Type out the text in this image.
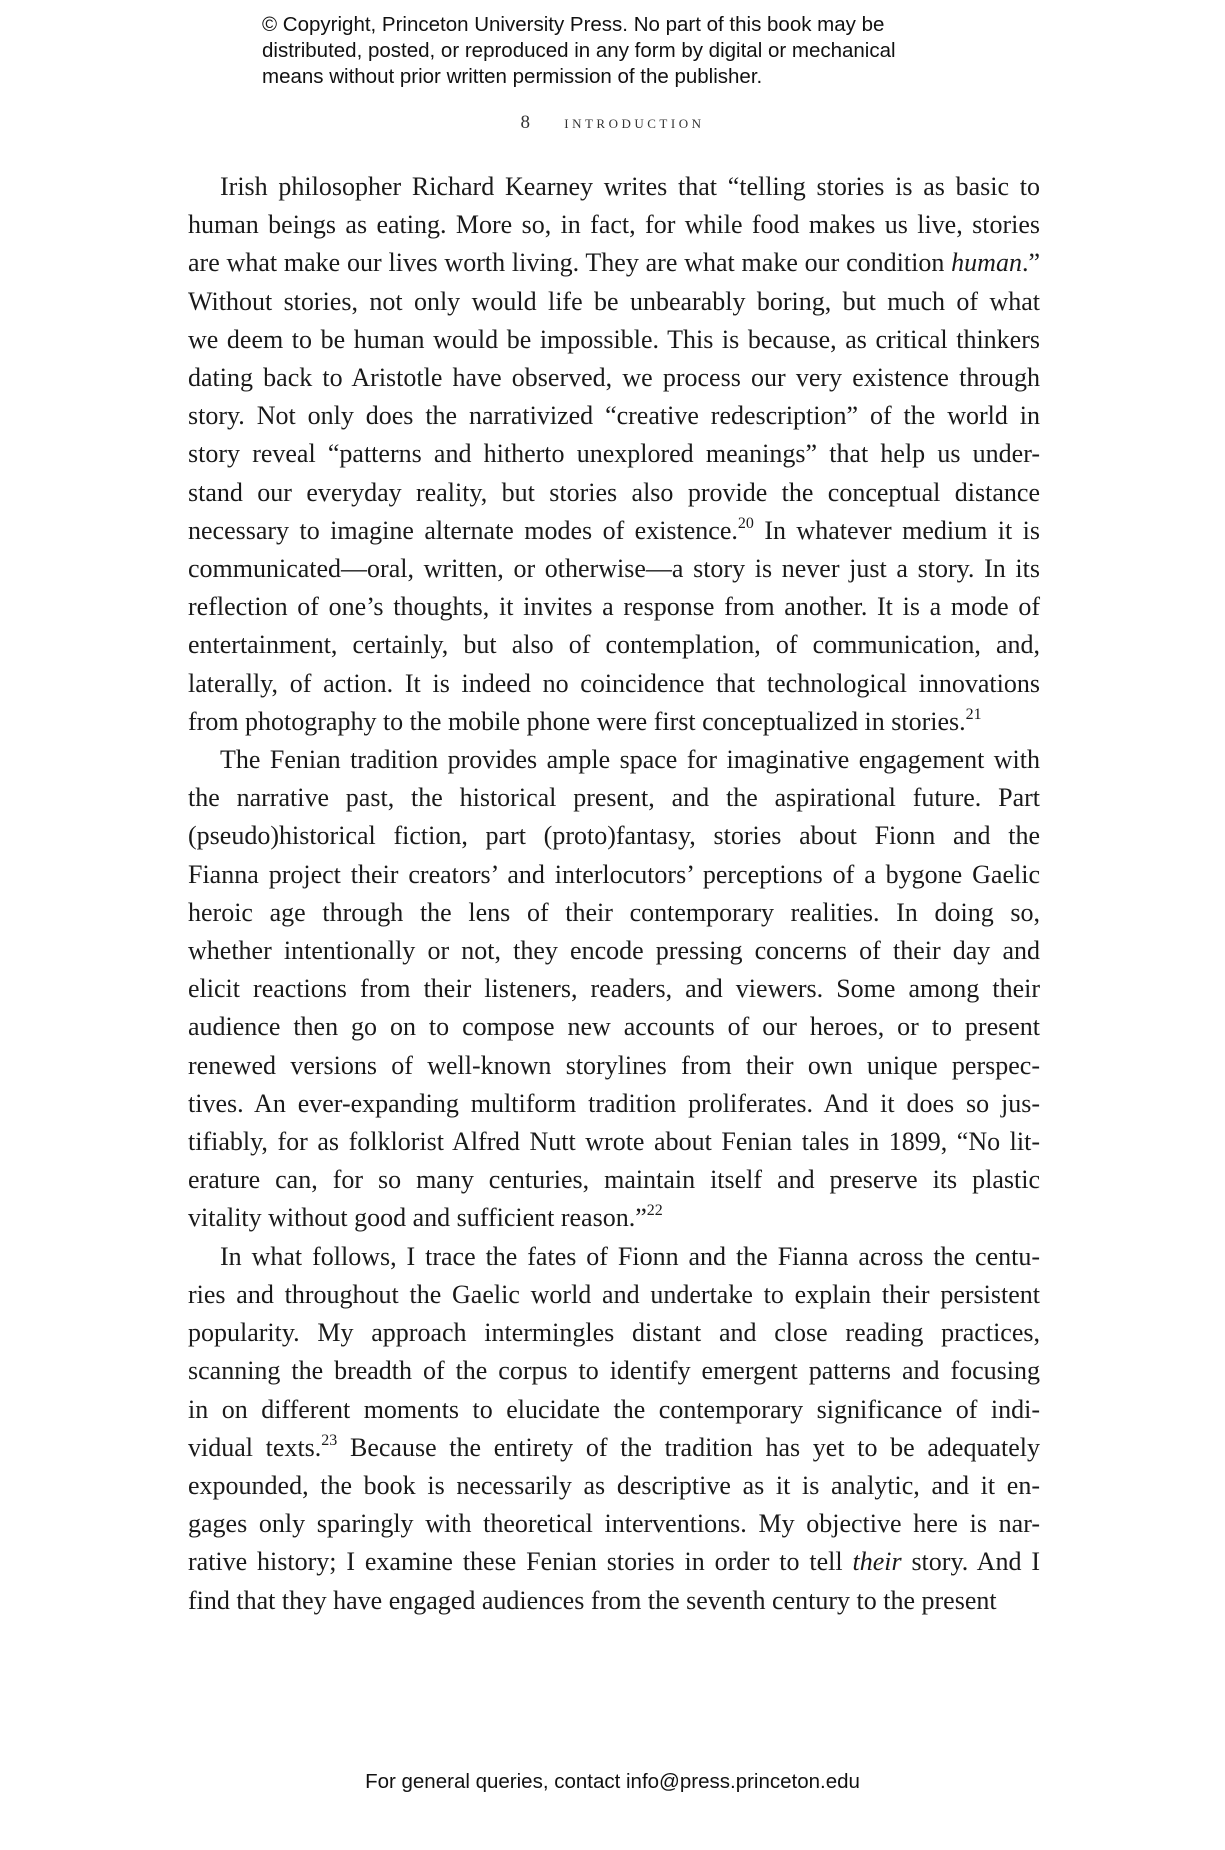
© Copyright, Princeton University Press. No part of this book may be
distributed, posted, or reproduced in any form by digital or mechanical
means without prior written permission of the publisher.
8 introduction
Irish philosopher Richard Kearney writes that “telling stories is as basic to
human beings as eating. More so, in fact, for while food makes us live, stories
are what make our lives worth living. They are what make our condition human.”
Without stories, not only would life be unbearably boring, but much of what
we deem to be human would be impossible. This is because, as critical thinkers
dating back to Aristotle have observed, we process our very existence through
story. Not only does the narrativized “creative redescription” of the world in
story reveal “patterns and hitherto unexplored meanings” that help us under-
stand our everyday reality, but stories also provide the conceptual distance
necessary to imagine alternate modes of existence.$^{20}$ In whatever medium it is
communicated—oral, written, or otherwise—a story is never just a story. In its
reflection of one’s thoughts, it invites a response from another. It is a mode of
entertainment, certainly, but also of contemplation, of communication, and,
laterally, of action. It is indeed no coincidence that technological innovations
from photography to the mobile phone were first conceptualized in stories.$^{21}$
The Fenian tradition provides ample space for imaginative engagement with
the narrative past, the historical present, and the aspirational future. Part
(pseudo)historical fiction, part (proto)fantasy, stories about Fionn and the
Fianna project their creators’ and interlocutors’ perceptions of a bygone Gaelic
heroic age through the lens of their contemporary realities. In doing so,
whether intentionally or not, they encode pressing concerns of their day and
elicit reactions from their listeners, readers, and viewers. Some among their
audience then go on to compose new accounts of our heroes, or to present
renewed versions of well-known storylines from their own unique perspec-
tives. An ever-expanding multiform tradition proliferates. And it does so jus-
tifiably, for as folklorist Alfred Nutt wrote about Fenian tales in 1899, “No lit-
erature can, for so many centuries, maintain itself and preserve its plastic
vitality without good and sufficient reason.”$^{22}$
In what follows, I trace the fates of Fionn and the Fianna across the centu-
ries and throughout the Gaelic world and undertake to explain their persistent
popularity. My approach intermingles distant and close reading practices,
scanning the breadth of the corpus to identify emergent patterns and focusing
in on different moments to elucidate the contemporary significance of indi-
vidual texts.$^{23}$ Because the entirety of the tradition has yet to be adequately
expounded, the book is necessarily as descriptive as it is analytic, and it en-
gages only sparingly with theoretical interventions. My objective here is nar-
rative history; I examine these Fenian stories in order to tell their story. And I
find that they have engaged audiences from the seventh century to the present
For general queries, contact info@press.princeton.edu
